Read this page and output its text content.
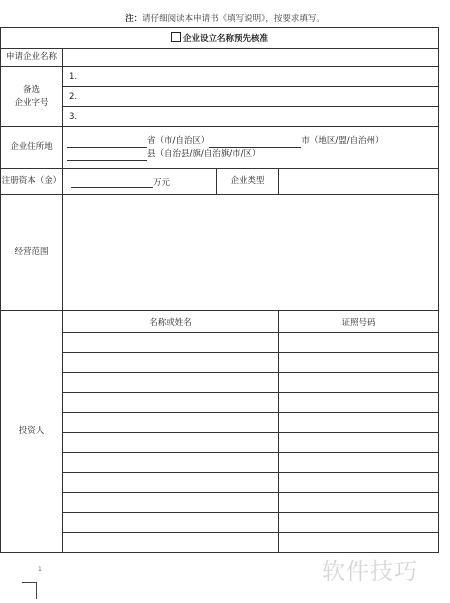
注：请仔细阅读本申请书《填写说明》，按要求填写。
企业设立名称预先核准			
申请企业名称			
备选
企业字号	1.		
	2.		
	3.		
企业住所地	省（市/自治区） 市（地区/盟/自治州）
县（自治县/旗/自治旗/市/区）		
注册资本（金）	万元	企业类型	
经营范围			
投资人	名称或姓名		证照号码

1	软件技巧
